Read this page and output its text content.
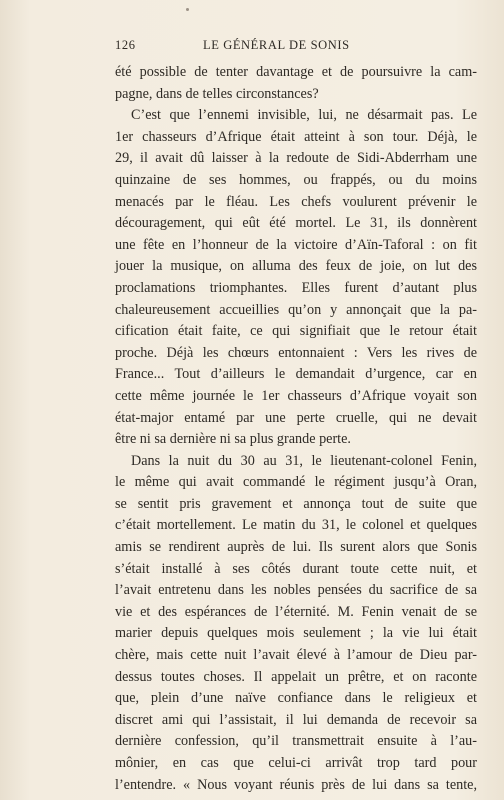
126	LE GÉNÉRAL DE SONIS
été possible de tenter davantage et de poursuivre la cam-
pagne, dans de telles circonstances?
C’est que l’ennemi invisible, lui, ne désarmait pas. Le
1er chasseurs d’Afrique était atteint à son tour. Déjà, le
29, il avait dû laisser à la redoute de Sidi-Abderrham une
quinzaine de ses hommes, ou frappés, ou du moins
menacés par le fléau. Les chefs voulurent prévenir le
découragement, qui eût été mortel. Le 31, ils donnèrent
une fête en l’honneur de la victoire d’Aïn-Taforal : on fit
jouer la musique, on alluma des feux de joie, on lut des
proclamations triomphantes. Elles furent d’autant plus
chaleureusement accueillies qu’on y annonçait que la pa-
cification était faite, ce qui signifiait que le retour était
proche. Déjà les chœurs entonnaient : Vers les rives de
France... Tout d’ailleurs le demandait d’urgence, car en
cette même journée le 1er chasseurs d’Afrique voyait son
état-major entamé par une perte cruelle, qui ne devait
être ni sa dernière ni sa plus grande perte.
Dans la nuit du 30 au 31, le lieutenant-colonel Fenin,
le même qui avait commandé le régiment jusqu’à Oran,
se sentit pris gravement et annonça tout de suite que
c’était mortellement. Le matin du 31, le colonel et quelques
amis se rendirent auprès de lui. Ils surent alors que Sonis
s’était installé à ses côtés durant toute cette nuit, et
l’avait entretenu dans les nobles pensées du sacrifice de sa
vie et des espérances de l’éternité. M. Fenin venait de se
marier depuis quelques mois seulement ; la vie lui était
chère, mais cette nuit l’avait élevé à l’amour de Dieu par-
dessus toutes choses. Il appelait un prêtre, et on raconte
que, plein d’une naïve confiance dans le religieux et
discret ami qui l’assistait, il lui demanda de recevoir sa
dernière confession, qu’il transmettrait ensuite à l’au-
mônier, en cas que celui-ci arrivât trop tard pour
l’entendre. « Nous voyant réunis près de lui dans sa tente,
